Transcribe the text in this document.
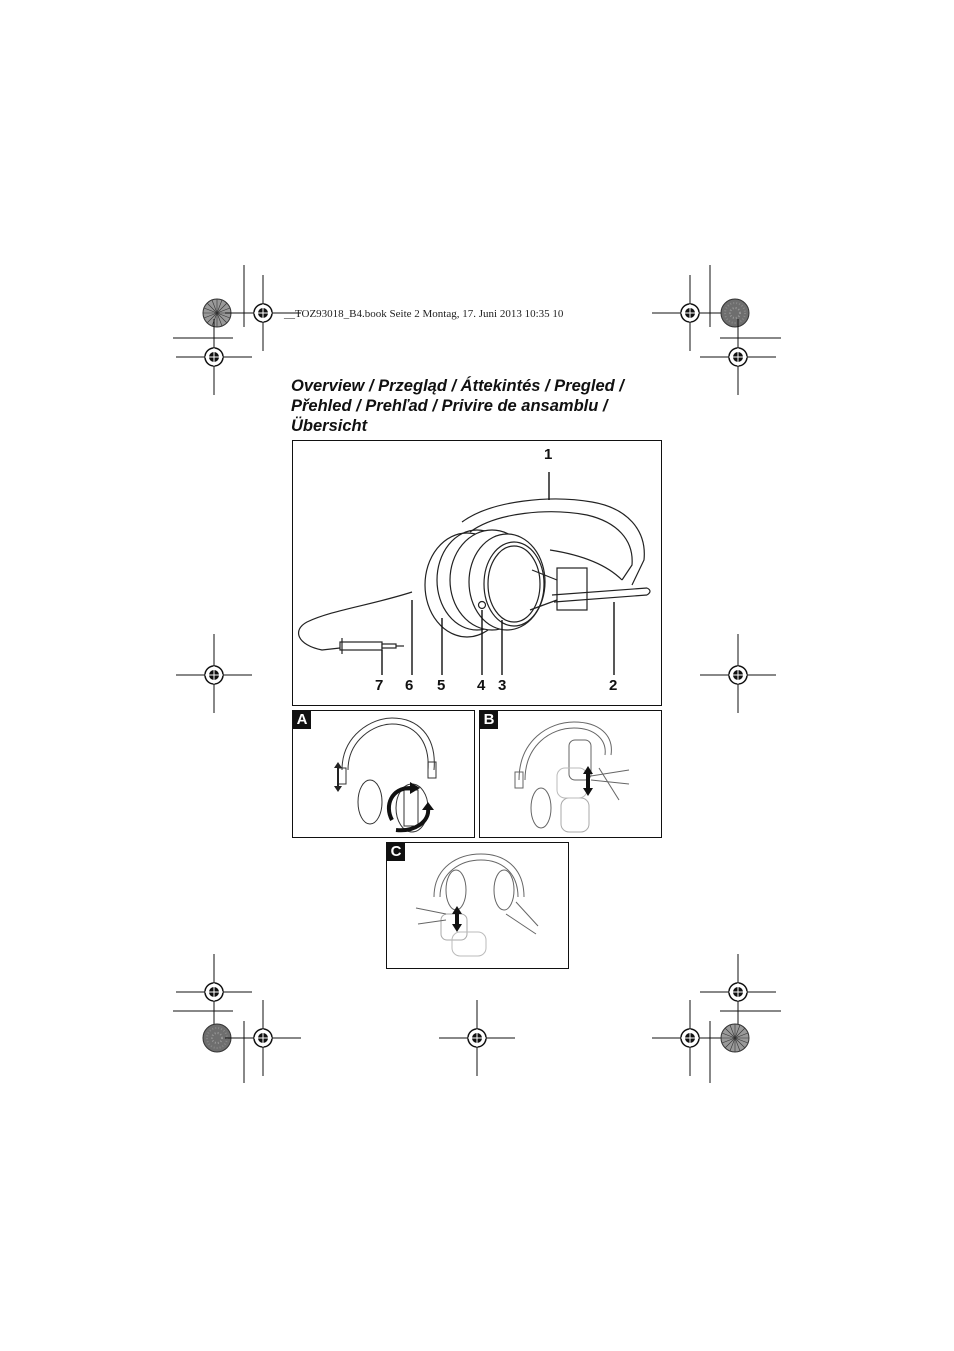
__TOZ93018_B4.book Seite 2 Montag, 17. Juni 2013 10:35 10
Overview / Przegląd / Áttekintés / Pregled /
Přehled / Prehľad / Privire de ansamblu /
Übersicht
1
7 6 5 4 3	2
A	B
C
